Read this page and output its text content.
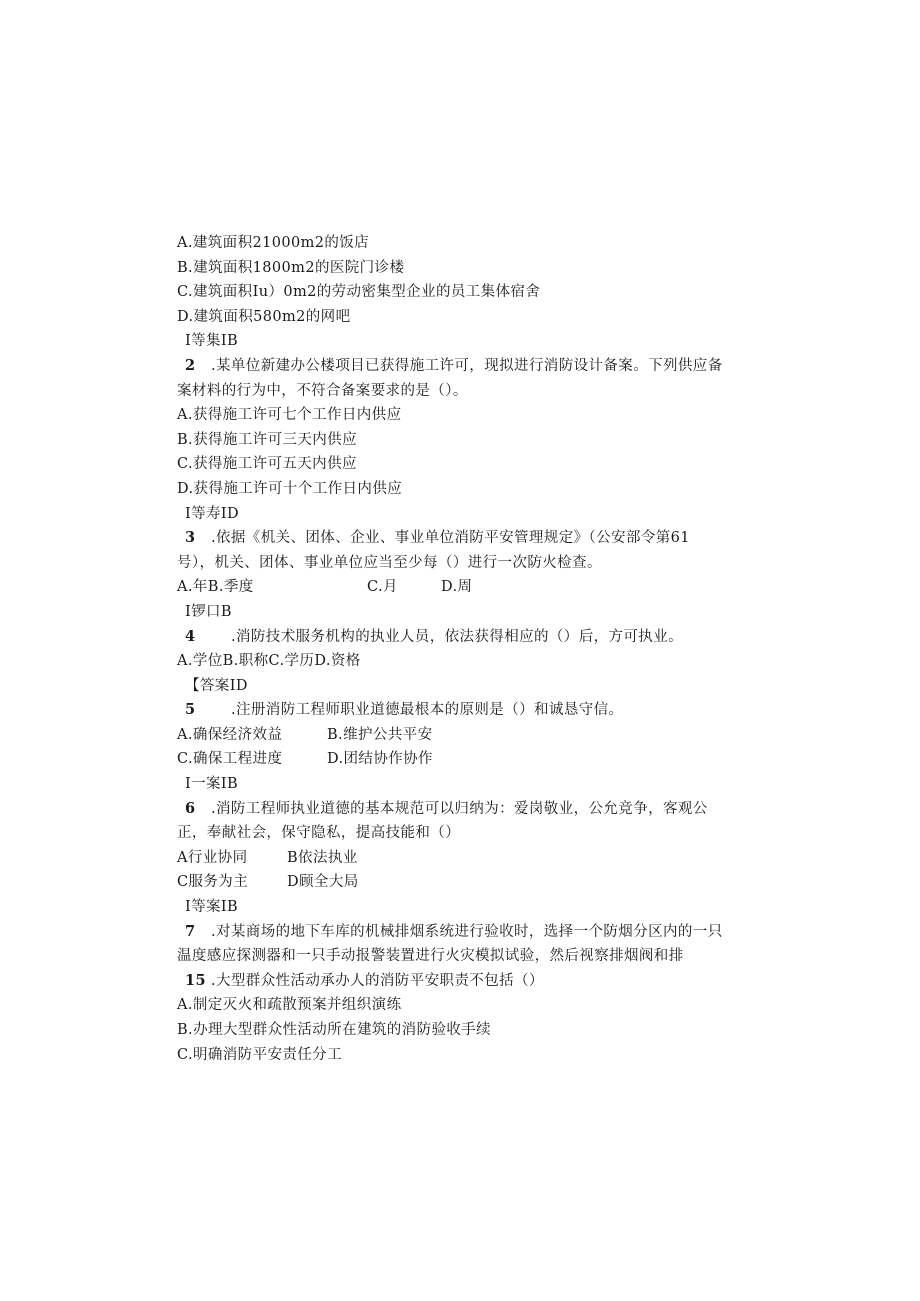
A.建筑面积21000m2的饭店
B.建筑面积1800m2的医院门诊楼
C.建筑面积Iu）0m2的劳动密集型企业的员工集体宿舍
D.建筑面积580m2的网吧
I等集IB
2 .某单位新建办公楼项目已获得施工许可，现拟进行消防设计备案。下列供应备
案材料的行为中，不符合备案要求的是（）。
A.获得施工许可七个工作日内供应
B.获得施工许可三天内供应
C.获得施工许可五天内供应
D.获得施工许可十个工作日内供应
I等寿ID
3 .依据《机关、团体、企业、事业单位消防平安管理规定》（公安部令第61
号），机关、团体、事业单位应当至少每（）进行一次防火检查。
A.年B.季度	C.月	D.周
I锣口B
4 .消防技术服务机构的执业人员，依法获得相应的（）后，方可执业。
A.学位B.职称C.学历D.资格
【答案ID
5 .注册消防工程师职业道德最根本的原则是（）和诚恳守信。
A.确保经济效益	B.维护公共平安
C.确保工程进度	D.团结协作协作
I一案IB
6 .消防工程师执业道德的基本规范可以归纳为：爱岗敬业，公允竞争，客观公
正，奉献社会，保守隐私，提高技能和（）
A行业协同	B依法执业
C服务为主	D顾全大局
I等案IB
7 .对某商场的地下车库的机械排烟系统进行验收时，选择一个防烟分区内的一只
温度感应探测器和一只手动报警装置进行火灾模拟试验，然后视察排烟阀和排
15 .大型群众性活动承办人的消防平安职责不包括（）
A.制定灭火和疏散预案并组织演练
B.办理大型群众性活动所在建筑的消防验收手续
C.明确消防平安责任分工
